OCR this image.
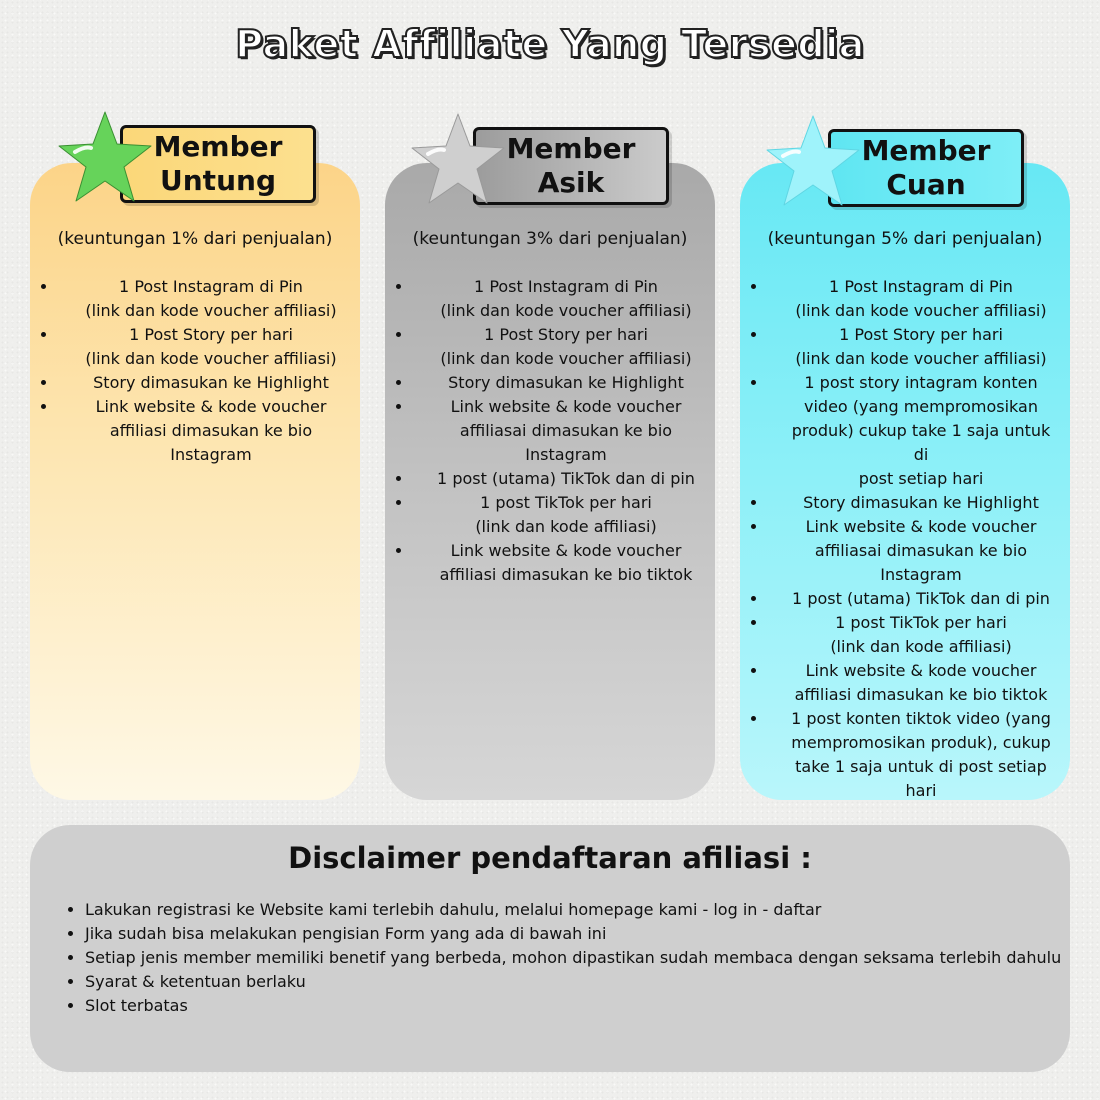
Paket Affiliate Yang Tersedia
(keuntungan 1% dari penjualan)
• 1 Post Instagram di Pin
(link dan kode voucher affiliasi)
• 1 Post Story per hari
(link dan kode voucher affiliasi)
• Story dimasukan ke Highlight
• Link website & kode voucher
affiliasi dimasukan ke bio
Instagram
Member
Untung
(keuntungan 3% dari penjualan)
• 1 Post Instagram di Pin
(link dan kode voucher affiliasi)
• 1 Post Story per hari
(link dan kode voucher affiliasi)
• Story dimasukan ke Highlight
• Link website & kode voucher
affiliasai dimasukan ke bio
Instagram
• 1 post (utama) TikTok dan di pin
• 1 post TikTok per hari
(link dan kode affiliasi)
• Link website & kode voucher
affiliasi dimasukan ke bio tiktok
Member
Asik
(keuntungan 5% dari penjualan)
• 1 Post Instagram di Pin
(link dan kode voucher affiliasi)
• 1 Post Story per hari
(link dan kode voucher affiliasi)
• 1 post story intagram konten
video (yang mempromosikan
produk) cukup take 1 saja untuk di
post setiap hari
• Story dimasukan ke Highlight
• Link website & kode voucher
affiliasai dimasukan ke bio
Instagram
• 1 post (utama) TikTok dan di pin
• 1 post TikTok per hari
(link dan kode affiliasi)
• Link website & kode voucher
affiliasi dimasukan ke bio tiktok
• 1 post konten tiktok video (yang
mempromosikan produk), cukup
take 1 saja untuk di post setiap
hari
Member
Cuan
Disclaimer pendaftaran afiliasi :
• Lakukan registrasi ke Website kami terlebih dahulu, melalui homepage kami - log in - daftar
• Jika sudah bisa melakukan pengisian Form yang ada di bawah ini
• Setiap jenis member memiliki benetif yang berbeda, mohon dipastikan sudah membaca dengan seksama terlebih dahulu
• Syarat & ketentuan berlaku
• Slot terbatas
